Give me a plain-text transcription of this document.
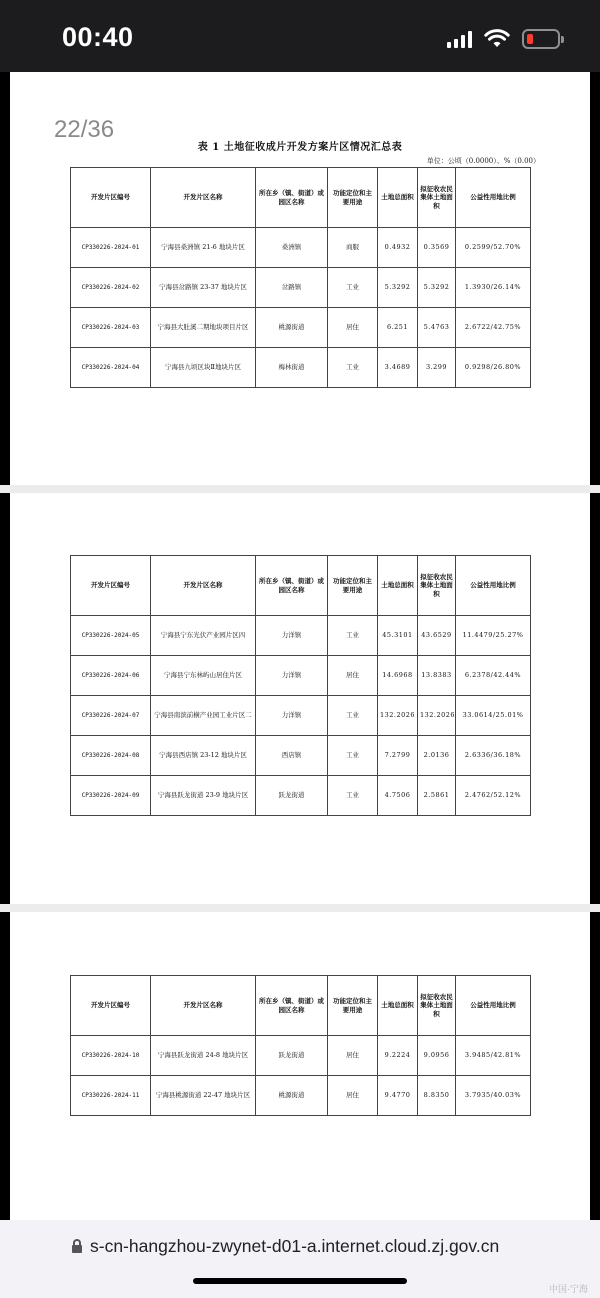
00:40
22/36
表 1 土地征收成片开发方案片区情况汇总表
单位：公顷（0.0000）、%（0.00）
开发片区编号	开发片区名称	所在乡（镇、街道）或园区名称	功能定位和主要用途	土地总面积	拟征收农民集体土地面积	公益性用地比例
CP330226-2024-01	宁海县桑洲镇 21-6 地块片区	桑洲镇	商服	0.4932	0.3569	0.2599/52.70%
CP330226-2024-02	宁海县岔路镇 23-37 地块片区	岔路镇	工业	5.3292	5.3292	1.3930/26.14%
CP330226-2024-03	宁海县大肚溪二期地块项目片区	桃源街道	居住	6.251	5.4763	2.6722/42.75%
CP330226-2024-04	宁海县九顷区块Ⅱ地块片区	梅林街道	工业	3.4689	3.299	0.9298/26.80%
开发片区编号	开发片区名称	所在乡（镇、街道）或园区名称	功能定位和主要用途	土地总面积	拟征收农民集体土地面积	公益性用地比例
CP330226-2024-05	宁海县宁东光伏产业园片区四	力洋镇	工业	45.3101	43.6529	11.4479/25.27%
CP330226-2024-06	宁海县宁东林屿山居住片区	力洋镇	居住	14.6968	13.8383	6.2378/42.44%
CP330226-2024-07	宁海县南滨前横产业园工业片区二	力洋镇	工业	132.2026	132.2026	33.0614/25.01%
CP330226-2024-08	宁海县西店镇 23-12 地块片区	西店镇	工业	7.2799	2.0136	2.6336/36.18%
CP330226-2024-09	宁海县跃龙街道 23-9 地块片区	跃龙街道	工业	4.7506	2.5861	2.4762/52.12%
开发片区编号	开发片区名称	所在乡（镇、街道）或园区名称	功能定位和主要用途	土地总面积	拟征收农民集体土地面积	公益性用地比例
CP330226-2024-10	宁海县跃龙街道 24-8 地块片区	跃龙街道	居住	9.2224	9.0956	3.9485/42.81%
CP330226-2024-11	宁海县桃源街道 22-47 地块片区	桃源街道	居住	9.4770	8.8350	3.7935/40.03%
s-cn-hangzhou-zwynet-d01-a.internet.cloud.zj.gov.cn
中国·宁海
